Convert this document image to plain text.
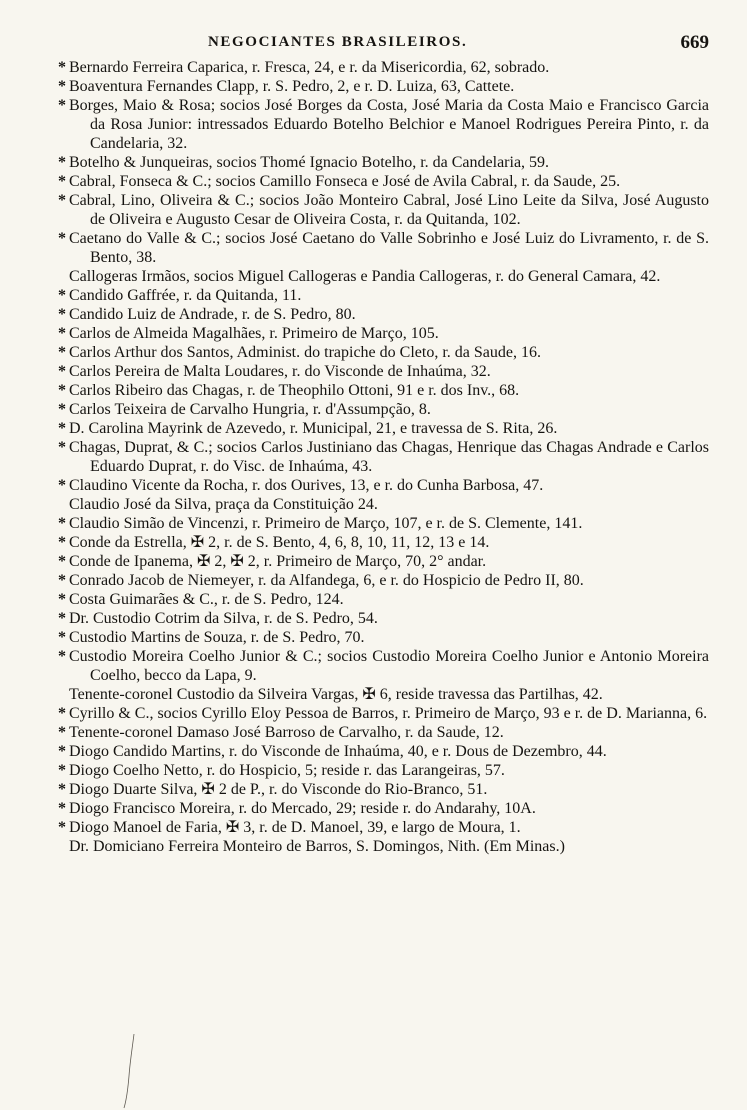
NEGOCIANTES BRASILEIROS.	669
* Bernardo Ferreira Caparica, r. Fresca, 24, e r. da Misericordia, 62, sobrado.
* Boaventura Fernandes Clapp, r. S. Pedro, 2, e r. D. Luiza, 63, Cattete.
* Borges, Maio & Rosa; socios José Borges da Costa, José Maria da Costa Maio e Francisco Garcia da Rosa Junior: intressados Eduardo Botelho Belchior e Manoel Rodrigues Pereira Pinto, r. da Candelaria, 32.
* Botelho & Junqueiras, socios Thomé Ignacio Botelho, r. da Candelaria, 59.
* Cabral, Fonseca & C.; socios Camillo Fonseca e José de Avila Cabral, r. da Saude, 25.
* Cabral, Lino, Oliveira & C.; socios João Monteiro Cabral, José Lino Leite da Silva, José Augusto de Oliveira e Augusto Cesar de Oliveira Costa, r. da Quitanda, 102.
* Caetano do Valle & C.; socios José Caetano do Valle Sobrinho e José Luiz do Livramento, r. de S. Bento, 38.
Callogeras Irmãos, socios Miguel Callogeras e Pandia Callogeras, r. do General Camara, 42.
* Candido Gaffrée, r. da Quitanda, 11.
* Candido Luiz de Andrade, r. de S. Pedro, 80.
* Carlos de Almeida Magalhães, r. Primeiro de Março, 105.
* Carlos Arthur dos Santos, Administ. do trapiche do Cleto, r. da Saude, 16.
* Carlos Pereira de Malta Loudares, r. do Visconde de Inhaúma, 32.
* Carlos Ribeiro das Chagas, r. de Theophilo Ottoni, 91 e r. dos Inv., 68.
* Carlos Teixeira de Carvalho Hungria, r. d'Assumpção, 8.
* D. Carolina Mayrink de Azevedo, r. Municipal, 21, e travessa de S. Rita, 26.
* Chagas, Duprat, & C.; socios Carlos Justiniano das Chagas, Henrique das Chagas Andrade e Carlos Eduardo Duprat, r. do Visc. de Inhaúma, 43.
* Claudino Vicente da Rocha, r. dos Ourives, 13, e r. do Cunha Barbosa, 47.
Claudio José da Silva, praça da Constituição 24.
* Claudio Simão de Vincenzi, r. Primeiro de Março, 107, e r. de S. Clemente, 141.
* Conde da Estrella, ✠ 2, r. de S. Bento, 4, 6, 8, 10, 11, 12, 13 e 14.
* Conde de Ipanema, ✠ 2, ✠ 2, r. Primeiro de Março, 70, 2° andar.
* Conrado Jacob de Niemeyer, r. da Alfandega, 6, e r. do Hospicio de Pedro II, 80.
* Costa Guimarães & C., r. de S. Pedro, 124.
* Dr. Custodio Cotrim da Silva, r. de S. Pedro, 54.
* Custodio Martins de Souza, r. de S. Pedro, 70.
* Custodio Moreira Coelho Junior & C.; socios Custodio Moreira Coelho Junior e Antonio Moreira Coelho, becco da Lapa, 9.
Tenente-coronel Custodio da Silveira Vargas, ✠ 6, reside travessa das Partilhas, 42.
* Cyrillo & C., socios Cyrillo Eloy Pessoa de Barros, r. Primeiro de Março, 93 e r. de D. Marianna, 6.
* Tenente-coronel Damaso José Barroso de Carvalho, r. da Saude, 12.
* Diogo Candido Martins, r. do Visconde de Inhaúma, 40, e r. Dous de Dezembro, 44.
* Diogo Coelho Netto, r. do Hospicio, 5; reside r. das Larangeiras, 57.
* Diogo Duarte Silva, ✠ 2 de P., r. do Visconde do Rio-Branco, 51.
* Diogo Francisco Moreira, r. do Mercado, 29; reside r. do Andarahy, 10A.
* Diogo Manoel de Faria, ✠ 3, r. de D. Manoel, 39, e largo de Moura, 1.
Dr. Domiciano Ferreira Monteiro de Barros, S. Domingos, Nith. (Em Minas.)
